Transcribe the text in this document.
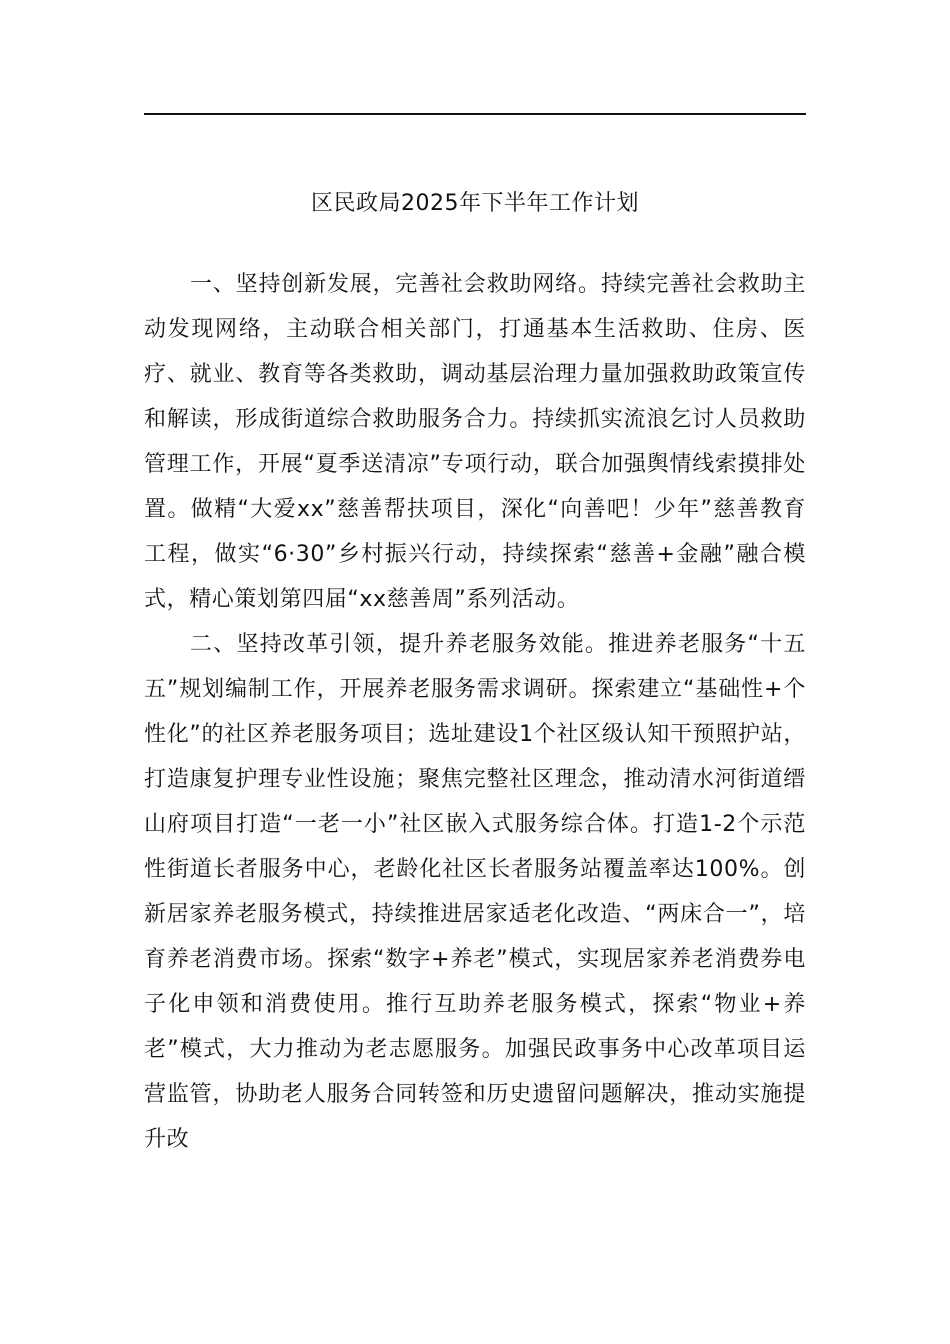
区民政局2025年下半年工作计划

一、坚持创新发展，完善社会救助网络。持续完善社会救助主动发现网络，主动联合相关部门，打通基本生活救助、住房、医疗、就业、教育等各类救助，调动基层治理力量加强救助政策宣传和解读，形成街道综合救助服务合力。持续抓实流浪乞讨人员救助管理工作，开展“夏季送清凉”专项行动，联合加强舆情线索摸排处置。做精“大爱xx”慈善帮扶项目，深化“向善吧！少年”慈善教育工程，做实“6·30”乡村振兴行动，持续探索“慈善+金融”融合模式，精心策划第四届“xx慈善周”系列活动。

二、坚持改革引领，提升养老服务效能。推进养老服务“十五五”规划编制工作，开展养老服务需求调研。探索建立“基础性+个性化”的社区养老服务项目；选址建设1个社区级认知干预照护站，打造康复护理专业性设施；聚焦完整社区理念，推动清水河街道缙山府项目打造“一老一小”社区嵌入式服务综合体。打造1-2个示范性街道长者服务中心，老龄化社区长者服务站覆盖率达100%。创新居家养老服务模式，持续推进居家适老化改造、“两床合一”，培育养老消费市场。探索“数字+养老”模式，实现居家养老消费券电子化申领和消费使用。推行互助养老服务模式，探索“物业+养老”模式，大力推动为老志愿服务。加强民政事务中心改革项目运营监管，协助老人服务合同转签和历史遗留问题解决，推动实施提升改
